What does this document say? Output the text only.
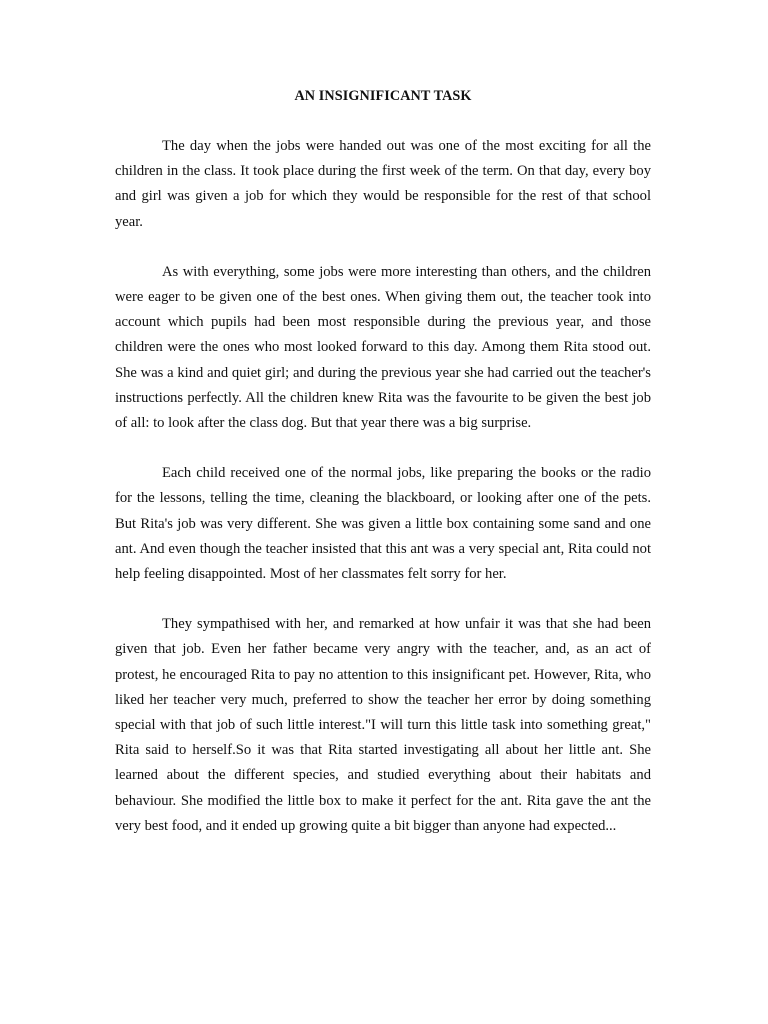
AN INSIGNIFICANT TASK

The day when the jobs were handed out was one of the most exciting for all the children in the class. It took place during the first week of the term. On that day, every boy and girl was given a job for which they would be responsible for the rest of that school year.

As with everything, some jobs were more interesting than others, and the children were eager to be given one of the best ones. When giving them out, the teacher took into account which pupils had been most responsible during the previous year, and those children were the ones who most looked forward to this day. Among them Rita stood out. She was a kind and quiet girl; and during the previous year she had carried out the teacher's instructions perfectly. All the children knew Rita was the favourite to be given the best job of all: to look after the class dog. But that year there was a big surprise.

Each child received one of the normal jobs, like preparing the books or the radio for the lessons, telling the time, cleaning the blackboard, or looking after one of the pets. But Rita's job was very different. She was given a little box containing some sand and one ant. And even though the teacher insisted that this ant was a very special ant, Rita could not help feeling disappointed. Most of her classmates felt sorry for her.

They sympathised with her, and remarked at how unfair it was that she had been given that job. Even her father became very angry with the teacher, and, as an act of protest, he encouraged Rita to pay no attention to this insignificant pet. However, Rita, who liked her teacher very much, preferred to show the teacher her error by doing something special with that job of such little interest."I will turn this little task into something great," Rita said to herself.So it was that Rita started investigating all about her little ant. She learned about the different species, and studied everything about their habitats and behaviour. She modified the little box to make it perfect for the ant. Rita gave the ant the very best food, and it ended up growing quite a bit bigger than anyone had expected...
